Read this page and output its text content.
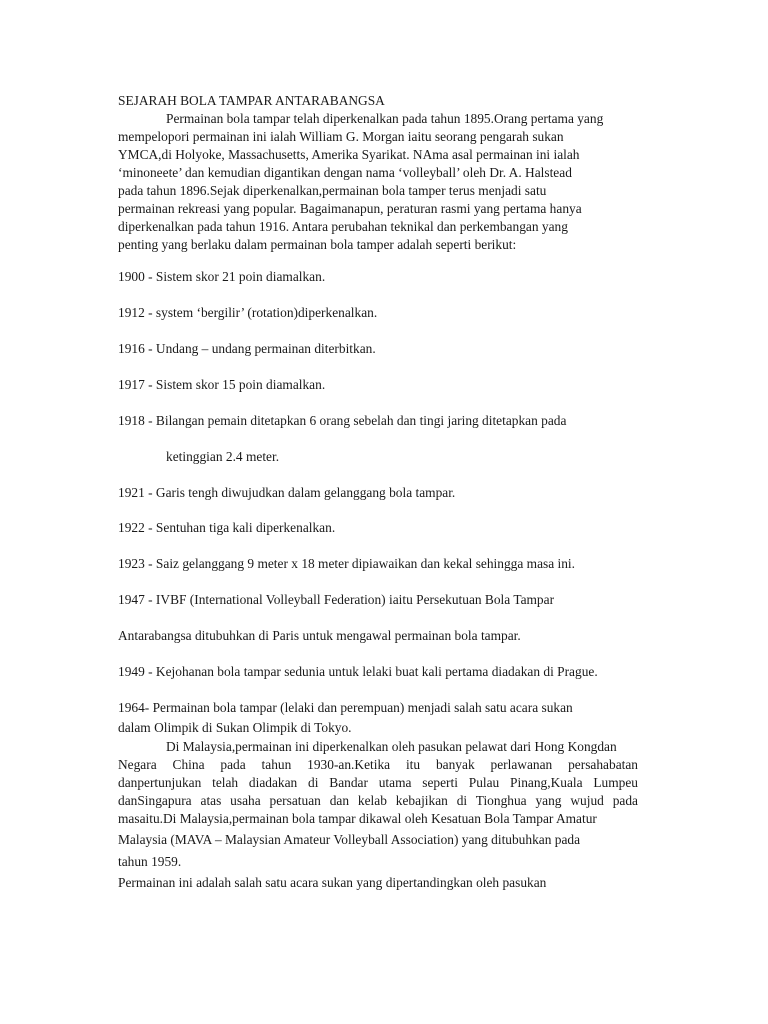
SEJARAH BOLA TAMPAR ANTARABANGSA
Permainan bola tampar telah diperkenalkan pada tahun 1895.Orang pertama yang
mempelopori permainan ini ialah William G. Morgan iaitu seorang pengarah sukan
YMCA,di Holyoke, Massachusetts, Amerika Syarikat. NAma asal permainan ini ialah
‘minoneete’ dan kemudian digantikan dengan nama ‘volleyball’ oleh Dr. A. Halstead
pada tahun 1896.Sejak diperkenalkan,permainan bola tamper terus menjadi satu
permainan rekreasi yang popular. Bagaimanapun, peraturan rasmi yang pertama hanya
diperkenalkan pada tahun 1916. Antara perubahan teknikal dan perkembangan yang
penting yang berlaku dalam permainan bola tamper adalah seperti berikut:
1900 - Sistem skor 21 poin diamalkan.
1912 - system ‘bergilir’ (rotation)diperkenalkan.
1916 - Undang – undang permainan diterbitkan.
1917 - Sistem skor 15 poin diamalkan.
1918 - Bilangan pemain ditetapkan 6 orang sebelah dan tingi jaring ditetapkan pada
ketinggian 2.4 meter.
1921 - Garis tengh diwujudkan dalam gelanggang bola tampar.
1922 - Sentuhan tiga kali diperkenalkan.
1923 - Saiz gelanggang 9 meter x 18 meter dipiawaikan dan kekal sehingga masa ini.
1947 - IVBF (International Volleyball Federation) iaitu Persekutuan Bola Tampar
Antarabangsa ditubuhkan di Paris untuk mengawal permainan bola tampar.
1949 - Kejohanan bola tampar sedunia untuk lelaki buat kali pertama diadakan di Prague.
1964- Permainan bola tampar (lelaki dan perempuan) menjadi salah satu acara sukan
dalam Olimpik di Sukan Olimpik di Tokyo.
Di Malaysia,permainan ini diperkenalkan oleh pasukan pelawat dari Hong Kongdan
Negara China pada tahun 1930-an.Ketika itu banyak perlawanan persahabatan
danpertunjukan telah diadakan di Bandar utama seperti Pulau Pinang,Kuala Lumpeu
danSingapura atas usaha persatuan dan kelab kebajikan di Tionghua yang wujud pada
masaitu.Di Malaysia,permainan bola tampar dikawal oleh Kesatuan Bola Tampar Amatur
Malaysia (MAVA – Malaysian Amateur Volleyball Association) yang ditubuhkan pada
tahun 1959.
Permainan ini adalah salah satu acara sukan yang dipertandingkan oleh pasukan
